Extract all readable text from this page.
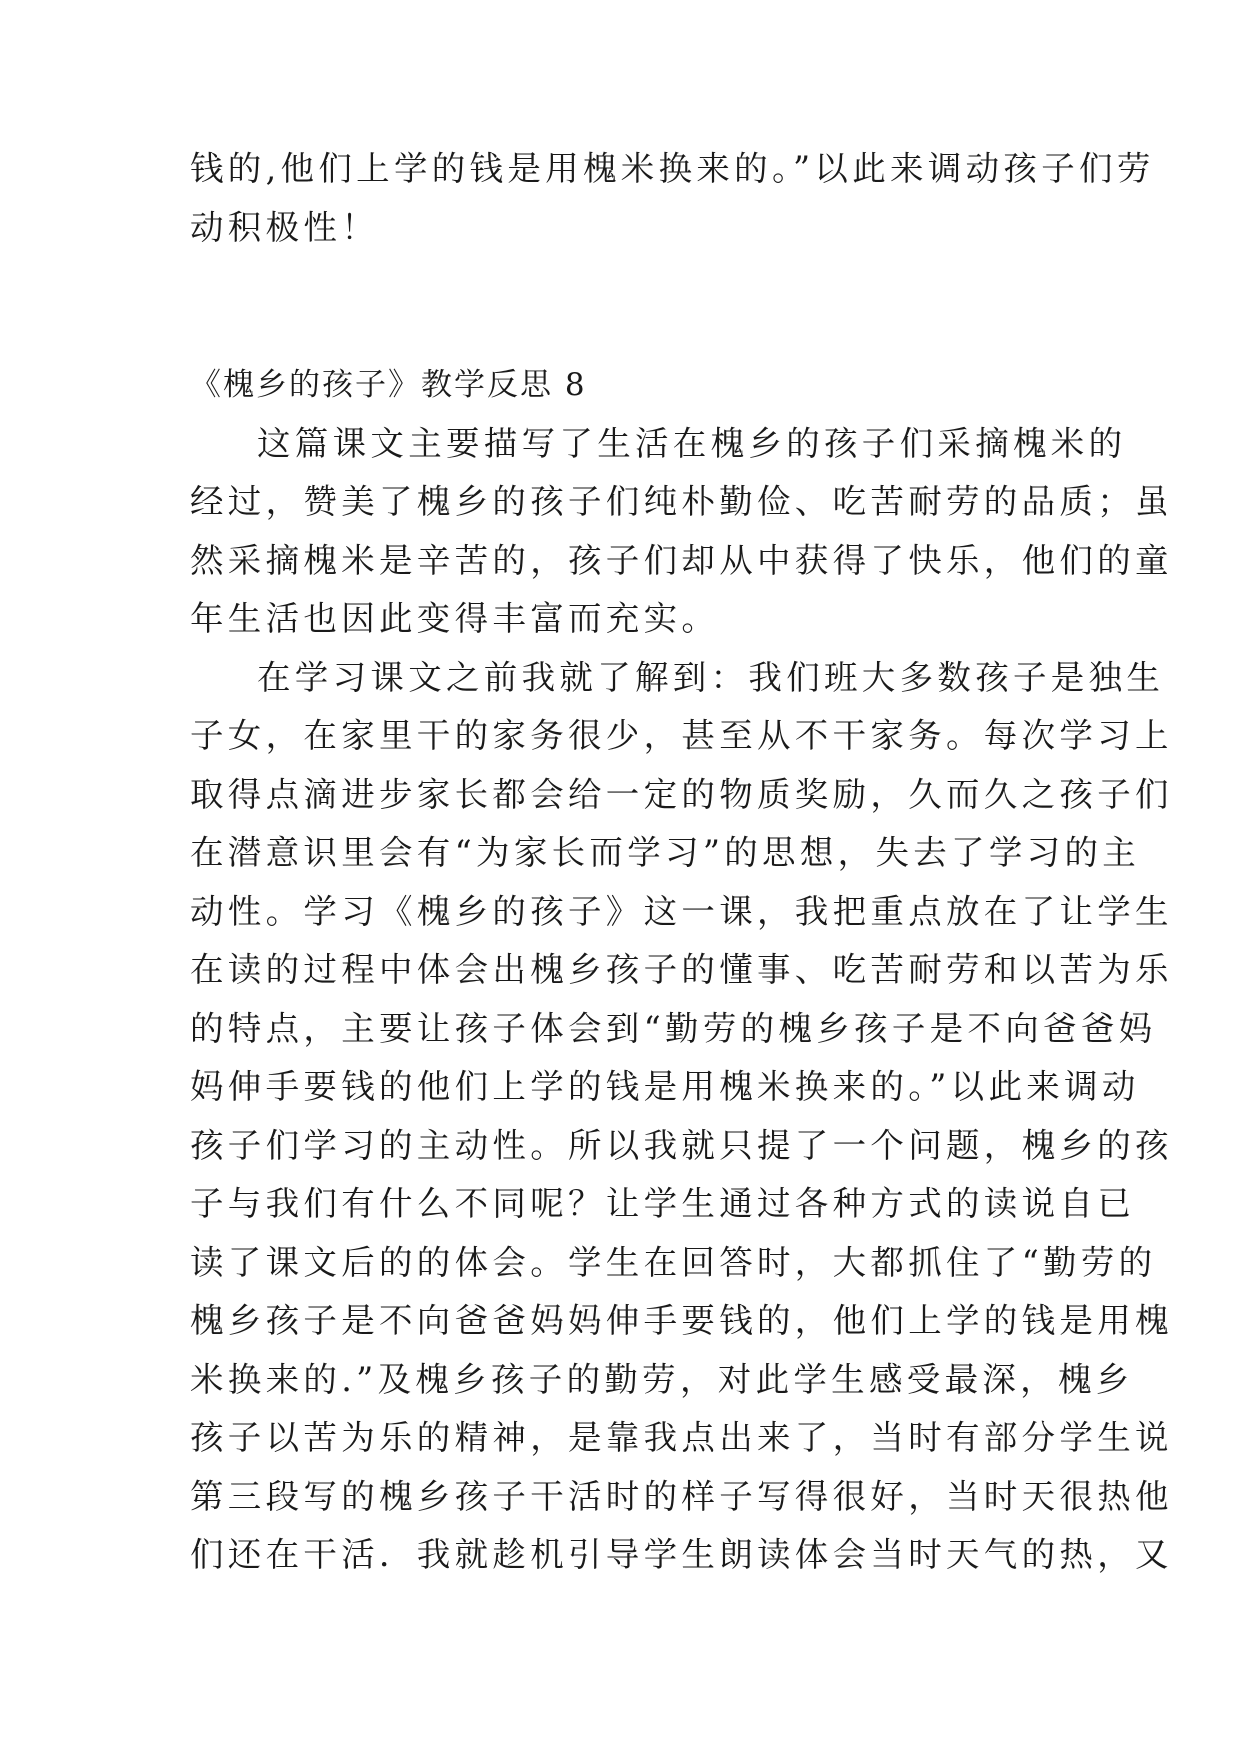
钱的,他们上学的钱是用槐米换来的。”以此来调动孩子们劳
动积极性！
《槐乡的孩子》教学反思 8
这篇课文主要描写了生活在槐乡的孩子们采摘槐米的
经过，赞美了槐乡的孩子们纯朴勤俭、吃苦耐劳的品质；虽
然采摘槐米是辛苦的，孩子们却从中获得了快乐，他们的童
年生活也因此变得丰富而充实。
在学习课文之前我就了解到：我们班大多数孩子是独生
子女，在家里干的家务很少，甚至从不干家务。每次学习上
取得点滴进步家长都会给一定的物质奖励，久而久之孩子们
在潜意识里会有“为家长而学习”的思想，失去了学习的主
动性。学习《槐乡的孩子》这一课，我把重点放在了让学生
在读的过程中体会出槐乡孩子的懂事、吃苦耐劳和以苦为乐
的特点，主要让孩子体会到“勤劳的槐乡孩子是不向爸爸妈
妈伸手要钱的他们上学的钱是用槐米换来的。”以此来调动
孩子们学习的主动性。所以我就只提了一个问题，槐乡的孩
子与我们有什么不同呢？让学生通过各种方式的读说自已
读了课文后的的体会。学生在回答时，大都抓住了“勤劳的
槐乡孩子是不向爸爸妈妈伸手要钱的，他们上学的钱是用槐
米换来的.”及槐乡孩子的勤劳，对此学生感受最深，槐乡
孩子以苦为乐的精神，是靠我点出来了，当时有部分学生说
第三段写的槐乡孩子干活时的样子写得很好，当时天很热他
们还在干活．我就趁机引导学生朗读体会当时天气的热，又
